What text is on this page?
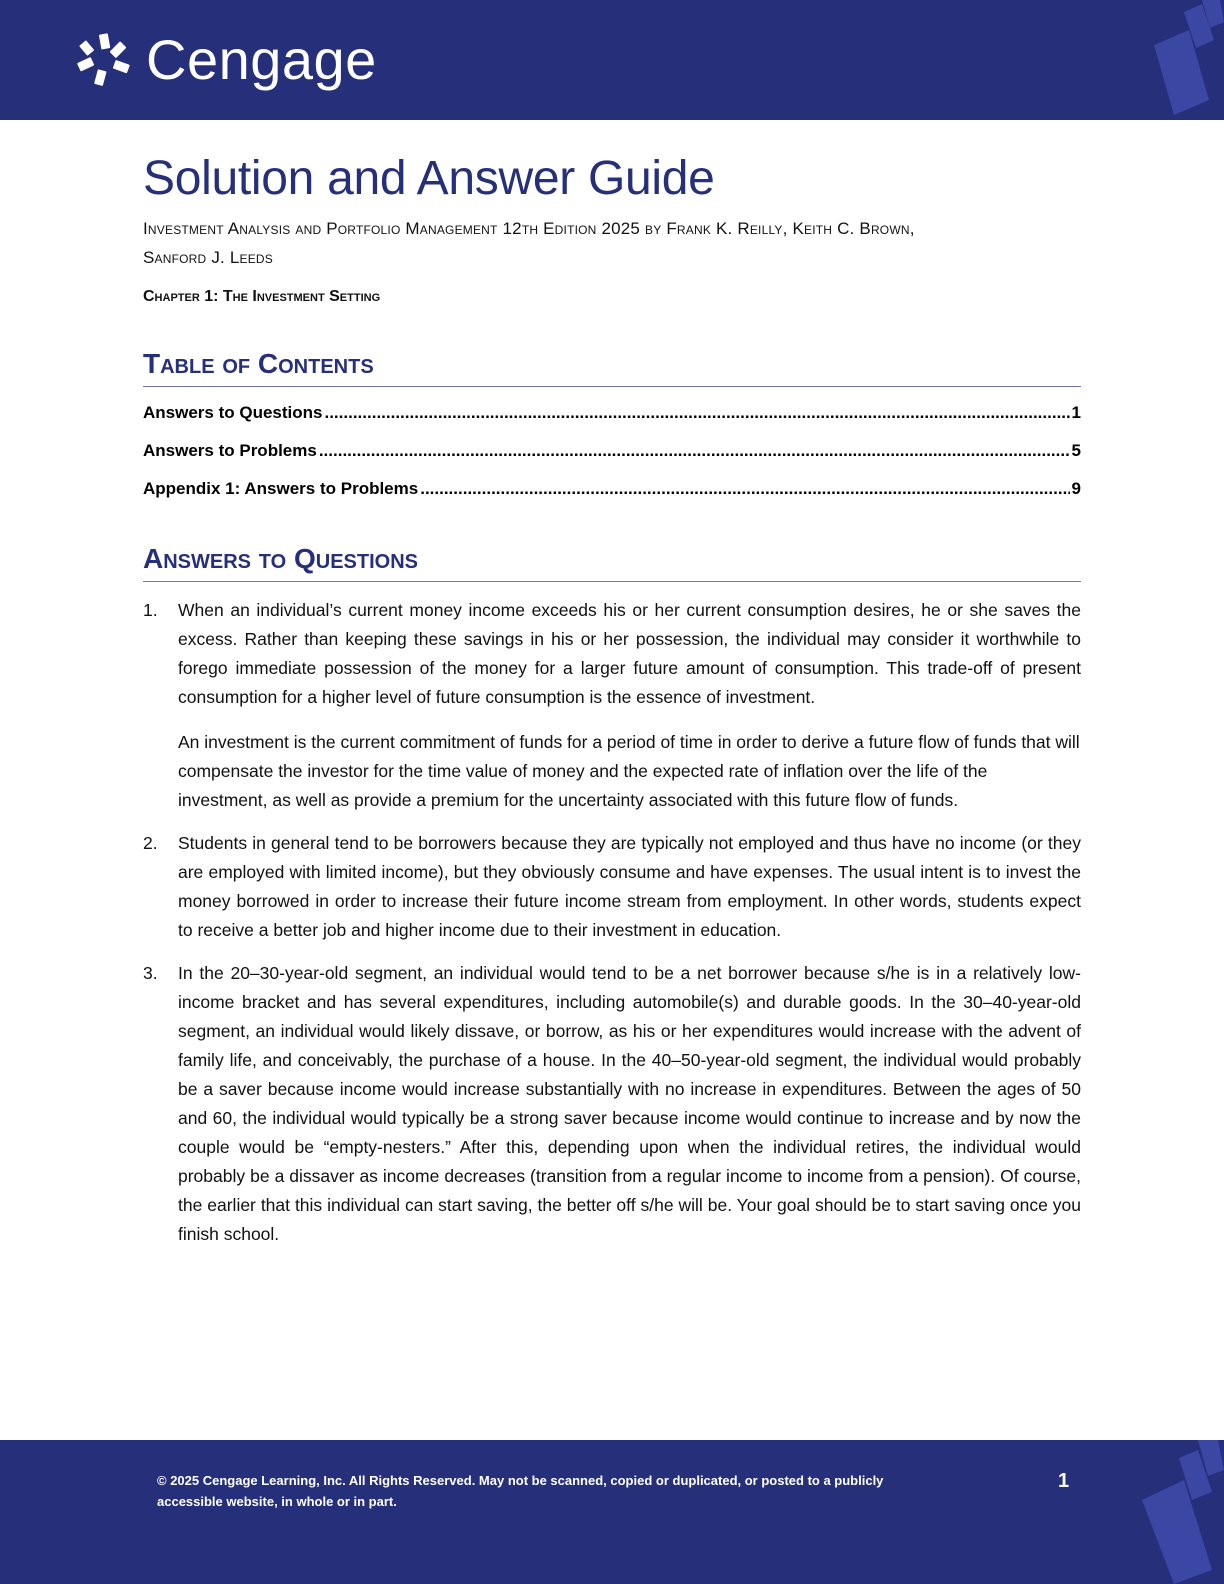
Cengage
Solution and Answer Guide
Investment Analysis and Portfolio Management 12th Edition 2025 by Frank K. Reilly, Keith C. Brown,
Sanford J. Leeds
Chapter 1: The Investment Setting
Table of Contents
Answers to Questions .....	1
Answers to Problems .....	5
Appendix 1: Answers to Problems .....	9
Answers to Questions
1. When an individual’s current money income exceeds his or her current consumption desires, he or she saves the excess. Rather than keeping these savings in his or her possession, the individual may consider it worthwhile to forego immediate possession of the money for a larger future amount of consumption. This trade-off of present consumption for a higher level of future consumption is the essence of investment.

An investment is the current commitment of funds for a period of time in order to derive a future flow of funds that will compensate the investor for the time value of money and the expected rate of inflation over the life of the investment, as well as provide a premium for the uncertainty associated with this future flow of funds.

2. Students in general tend to be borrowers because they are typically not employed and thus have no income (or they are employed with limited income), but they obviously consume and have expenses. The usual intent is to invest the money borrowed in order to increase their future income stream from employment. In other words, students expect to receive a better job and higher income due to their investment in education.

3. In the 20–30-year-old segment, an individual would tend to be a net borrower because s/he is in a relatively low-income bracket and has several expenditures, including automobile(s) and durable goods. In the 30–40-year-old segment, an individual would likely dissave, or borrow, as his or her expenditures would increase with the advent of family life, and conceivably, the purchase of a house. In the 40–50-year-old segment, the individual would probably be a saver because income would increase substantially with no increase in expenditures. Between the ages of 50 and 60, the individual would typically be a strong saver because income would continue to increase and by now the couple would be “empty-nesters.” After this, depending upon when the individual retires, the individual would probably be a dissaver as income decreases (transition from a regular income to income from a pension). Of course, the earlier that this individual can start saving, the better off s/he will be. Your goal should be to start saving once you finish school.

© 2025 Cengage Learning, Inc. All Rights Reserved. May not be scanned, copied or duplicated, or posted to a publicly
accessible website, in whole or in part.
1
